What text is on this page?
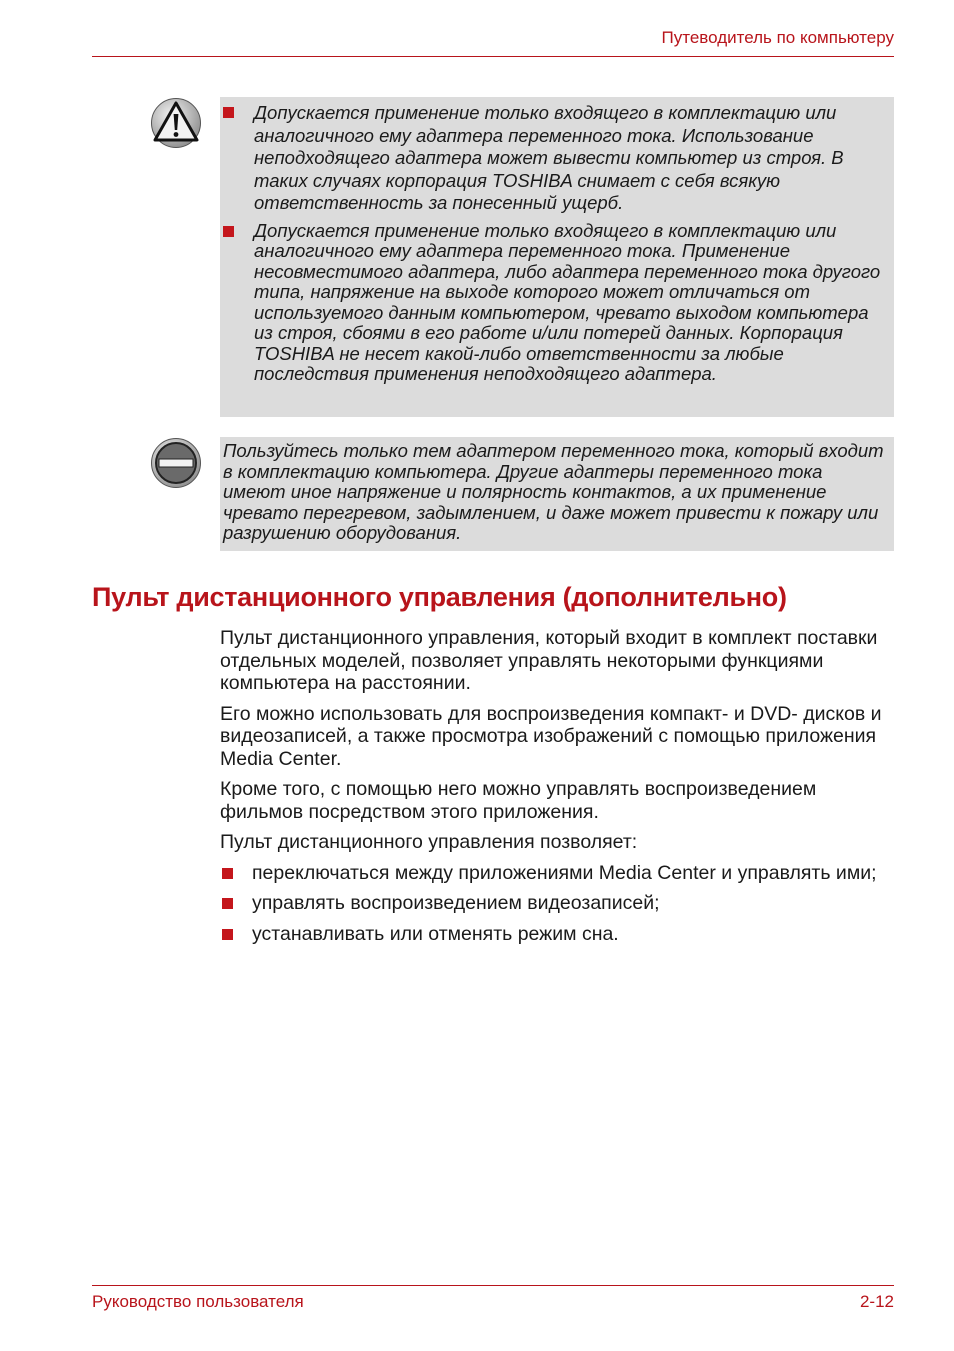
Путеводитель по компьютеру
Допускается применение только входящего в комплектацию или аналогичного ему адаптера переменного тока. Использование неподходящего адаптера может вывести компьютер из строя. В таких случаях корпорация TOSHIBA снимает с себя всякую ответственность за понесенный ущерб.
Допускается применение только входящего в комплектацию или аналогичного ему адаптера переменного тока. Применение несовместимого адаптера, либо адаптера переменного тока другого типа, напряжение на выходе которого может отличаться от используемого данным компьютером, чревато выходом компьютера из строя, сбоями в его работе и/или потерей данных. Корпорация TOSHIBA не несет какой-либо ответственности за любые последствия применения неподходящего адаптера.
Пользуйтесь только тем адаптером переменного тока, который входит в комплектацию компьютера. Другие адаптеры переменного тока имеют иное напряжение и полярность контактов, а их применение чревато перегревом, задымлением, и даже может привести к пожару или разрушению оборудования.
Пульт дистанционного управления (дополнительно)

Пульт дистанционного управления, который входит в комплект поставки отдельных моделей, позволяет управлять некоторыми функциями компьютера на расстоянии.

Его можно использовать для воспроизведения компакт- и DVD- дисков и видеозаписей, а также просмотра изображений с помощью приложения Media Center.

Кроме того, с помощью него можно управлять воспроизведением фильмов посредством этого приложения.

Пульт дистанционного управления позволяет:

переключаться между приложениями Media Center и управлять ими;
управлять воспроизведением видеозаписей;
устанавливать или отменять режим сна.
Руководство пользователя	2-12
